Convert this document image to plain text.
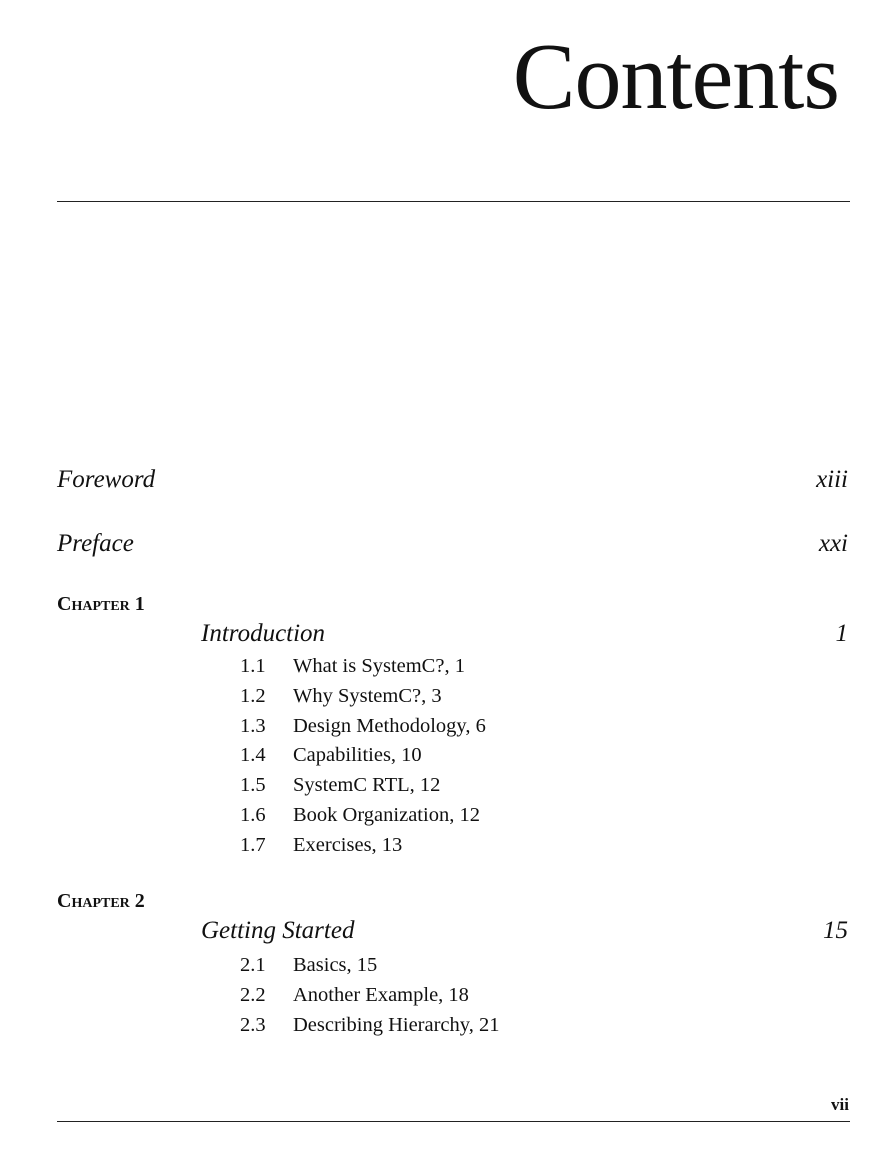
Contents
Foreword	xiii
Preface	xxi
Chapter 1
Introduction	1
1.1 What is SystemC?, 1
1.2 Why SystemC?, 3
1.3 Design Methodology, 6
1.4 Capabilities, 10
1.5 SystemC RTL, 12
1.6 Book Organization, 12
1.7 Exercises, 13
Chapter 2
Getting Started	15
2.1 Basics, 15
2.2 Another Example, 18
2.3 Describing Hierarchy, 21
vii
